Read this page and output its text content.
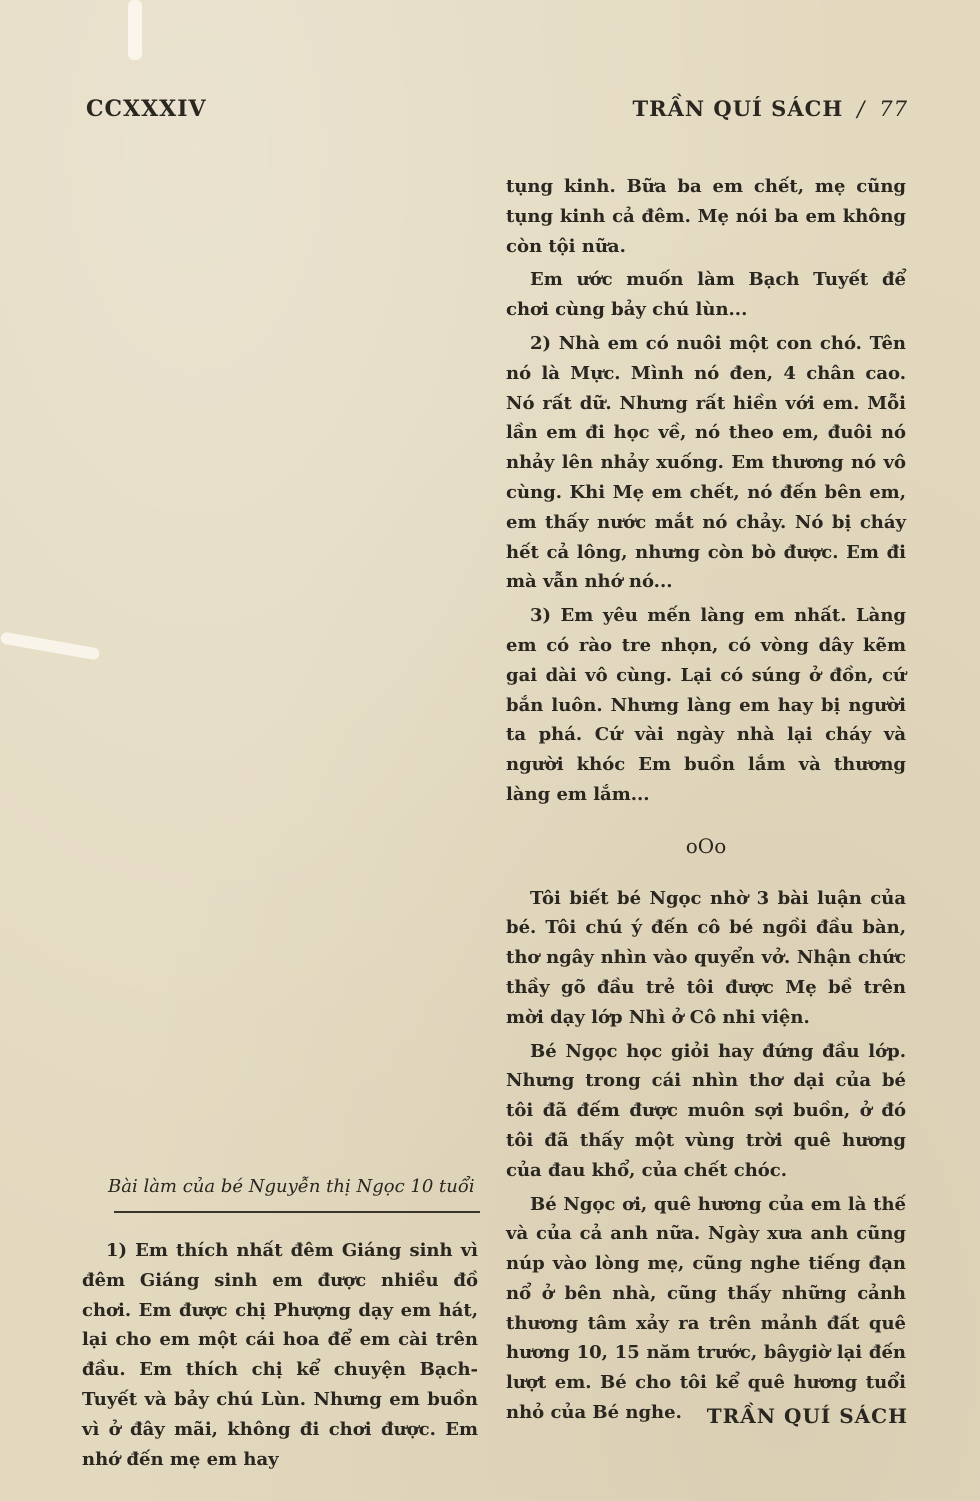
CCXXXIV	TRẦN QUÍ SÁCH / 77

tụng kinh. Bữa ba em chết, mẹ cũng tụng kinh cả đêm. Mẹ nói ba em không còn tội nữa.

Em ước muốn làm Bạch Tuyết để chơi cùng bảy chú lùn...

2) Nhà em có nuôi một con chó. Tên nó là Mực. Mình nó đen, 4 chân cao. Nó rất dữ. Nhưng rất hiền với em. Mỗi lần em đi học về, nó theo em, đuôi nó nhảy lên nhảy xuống. Em thương nó vô cùng. Khi Mẹ em chết, nó đến bên em, em thấy nước mắt nó chảy. Nó bị cháy hết cả lông, nhưng còn bò được. Em đi mà vẫn nhớ nó...

3) Em yêu mến làng em nhất. Làng em có rào tre nhọn, có vòng dây kẽm gai dài vô cùng. Lại có súng ở đồn, cứ bắn luôn. Nhưng làng em hay bị người ta phá. Cứ vài ngày nhà lại cháy và người khóc Em buồn lắm và thương làng em lắm...

oOo

Tôi biết bé Ngọc nhờ 3 bài luận của bé. Tôi chú ý đến cô bé ngồi đầu bàn, thơ ngây nhìn vào quyển vở. Nhận chức thầy gõ đầu trẻ tôi được Mẹ bề trên mời dạy lớp Nhì ở Cô nhi viện.

Bé Ngọc học giỏi hay đứng đầu lớp. Nhưng trong cái nhìn thơ dại của bé tôi đã đếm được muôn sợi buồn, ở đó tôi đã thấy một vùng trời quê hương của đau khổ, của chết chóc.

Bé Ngọc ơi, quê hương của em là thế và của cả anh nữa. Ngày xưa anh cũng núp vào lòng mẹ, cũng nghe tiếng đạn nổ ở bên nhà, cũng thấy những cảnh thương tâm xảy ra trên mảnh đất quê hương 10, 15 năm trước, bâygiờ lại đến lượt em. Bé cho tôi kể quê hương tuổi nhỏ của Bé nghe.	TRẦN QUÍ SÁCH
Bài làm của bé Nguyễn thị Ngọc 10 tuổi

1) Em thích nhất đêm Giáng sinh vì đêm Giáng sinh em được nhiều đồ chơi. Em được chị Phượng dạy em hát, lại cho em một cái hoa để em cài trên đầu. Em thích chị kể chuyện Bạch-Tuyết và bảy chú Lùn. Nhưng em buồn vì ở đây mãi, không đi chơi được. Em nhớ đến mẹ em hay
